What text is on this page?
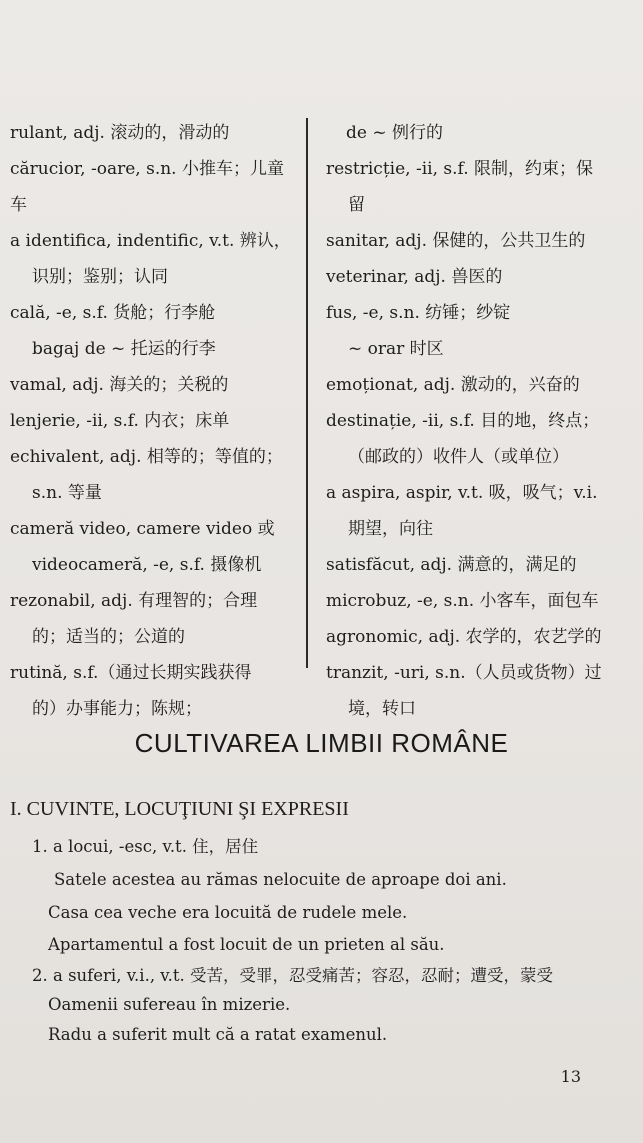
rulant, adj. 滚动的，滑动的
cărucior, -oare, s.n. 小推车；儿童
车
a identifica, indentific, v.t. 辨认，
识别；鉴别；认同
cală, -e, s.f. 货舱；行李舱
bagaj de ~ 托运的行李
vamal, adj. 海关的；关税的
lenjerie, -ii, s.f. 内衣；床单
echivalent, adj. 相等的；等值的；
s.n. 等量
cameră video, camere video 或
videocameră, -e, s.f. 摄像机
rezonabil, adj. 有理智的；合理
的；适当的；公道的
rutină, s.f.（通过长期实践获得
的）办事能力；陈规；
de ~ 例行的
restricție, -ii, s.f. 限制，约束；保
留
sanitar, adj. 保健的，公共卫生的
veterinar, adj. 兽医的
fus, -e, s.n. 纺锤；纱锭
~ orar 时区
emoționat, adj. 激动的，兴奋的
destinație, -ii, s.f. 目的地，终点；
（邮政的）收件人（或单位）
a aspira, aspir, v.t. 吸，吸气；v.i.
期望，向往
satisfăcut, adj. 满意的，满足的
microbuz, -e, s.n. 小客车，面包车
agronomic, adj. 农学的，农艺学的
tranzit, -uri, s.n.（人员或货物）过
境，转口
CULTIVAREA LIMBII ROMÂNE
I. CUVINTE, LOCUŢIUNI ŞI EXPRESII
1. a locui, -esc, v.t. 住，居住
Satele acestea au rămas nelocuite de aproape doi ani.
Casa cea veche era locuită de rudele mele.
Apartamentul a fost locuit de un prieten al său.
2. a suferi, v.i., v.t. 受苦，受罪，忍受痛苦；容忍，忍耐；遭受，蒙受
Oamenii sufereau în mizerie.
Radu a suferit mult că a ratat examenul.
13
